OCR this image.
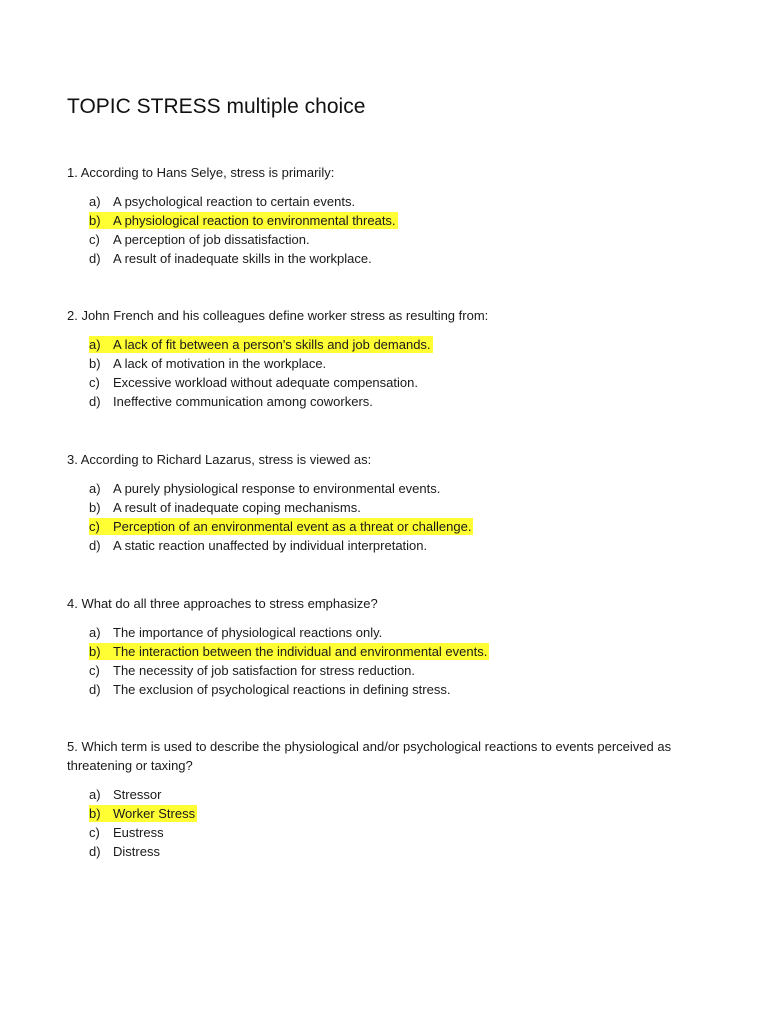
TOPIC STRESS multiple choice
1. According to Hans Selye, stress is primarily:
a) A psychological reaction to certain events.
b) A physiological reaction to environmental threats.
c) A perception of job dissatisfaction.
d) A result of inadequate skills in the workplace.
2. John French and his colleagues define worker stress as resulting from:
a) A lack of fit between a person's skills and job demands.
b) A lack of motivation in the workplace.
c) Excessive workload without adequate compensation.
d) Ineffective communication among coworkers.
3. According to Richard Lazarus, stress is viewed as:
a) A purely physiological response to environmental events.
b) A result of inadequate coping mechanisms.
c) Perception of an environmental event as a threat or challenge.
d) A static reaction unaffected by individual interpretation.
4. What do all three approaches to stress emphasize?
a) The importance of physiological reactions only.
b) The interaction between the individual and environmental events.
c) The necessity of job satisfaction for stress reduction.
d) The exclusion of psychological reactions in defining stress.
5. Which term is used to describe the physiological and/or psychological reactions to events perceived as threatening or taxing?
a) Stressor
b) Worker Stress
c) Eustress
d) Distress
